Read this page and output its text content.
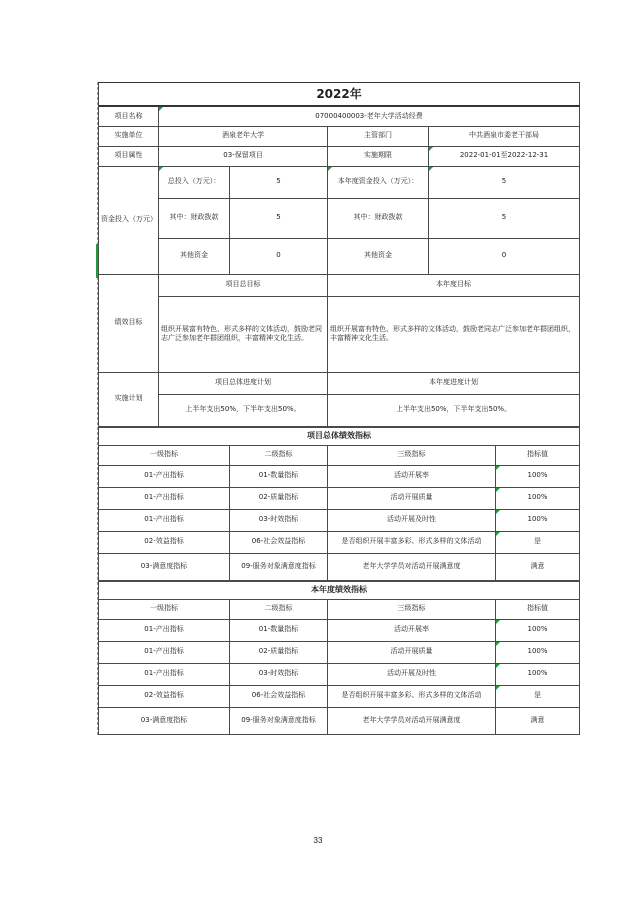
2022年				
项目名称	07000400003-老年大学活动经费			
实施单位	酒泉老年大学		主管部门	中共酒泉市委老干部局
项目属性	03-保留项目		实施期限	2022-01-01至2022-12-31
资金投入（万元）	总投入（万元）：	5	本年度资金投入（万元）：	5
	其中：财政拨款	5	其中：财政拨款	5
	其他资金	0	其他资金	0
绩效目标	项目总目标		本年度目标	
	组织开展富有特色、形式多样的文体活动，鼓励老同志广泛参加老年群团组织，丰富精神文化生活。		组织开展富有特色、形式多样的文体活动，鼓励老同志广泛参加老年群团组织，丰富精神文化生活。	
实施计划	项目总体进度计划		本年度进度计划	
	上半年支出50%，下半年支出50%。		上半年支出50%，下半年支出50%。	
项目总体绩效指标			
一级指标	二级指标	三级指标	指标值
01-产出指标	01-数量指标	活动开展率	100%
01-产出指标	02-质量指标	活动开展质量	100%
01-产出指标	03-时效指标	活动开展及时性	100%
02-效益指标	06-社会效益指标	是否组织开展丰富多彩、形式多样的文体活动	是
03-满意度指标	09-服务对象满意度指标	老年大学学员对活动开展满意度	满意
本年度绩效指标			
一级指标	二级指标	三级指标	指标值
01-产出指标	01-数量指标	活动开展率	100%
01-产出指标	02-质量指标	活动开展质量	100%
01-产出指标	03-时效指标	活动开展及时性	100%
02-效益指标	06-社会效益指标	是否组织开展丰富多彩、形式多样的文体活动	是
03-满意度指标	09-服务对象满意度指标	老年大学学员对活动开展满意度	满意
33
